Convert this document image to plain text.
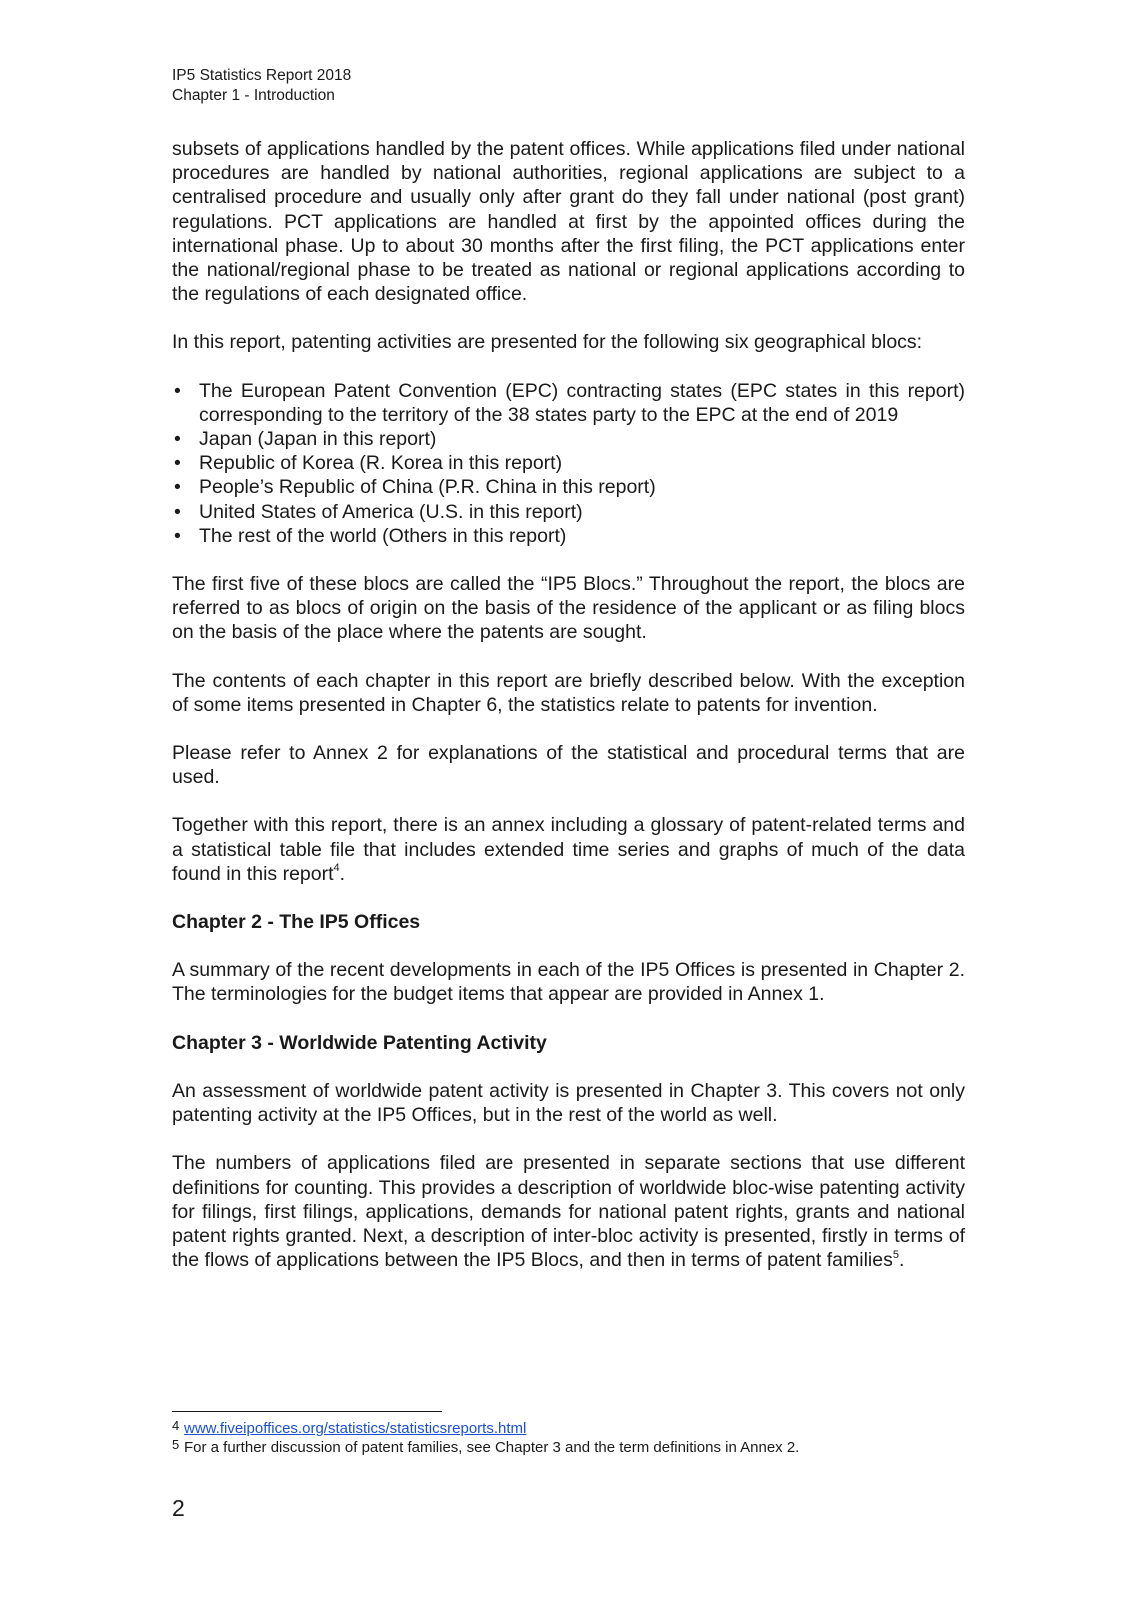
IP5 Statistics Report 2018
Chapter 1 - Introduction

subsets of applications handled by the patent offices. While applications filed under national procedures are handled by national authorities, regional applications are subject to a centralised procedure and usually only after grant do they fall under national (post grant) regulations. PCT applications are handled at first by the appointed offices during the international phase. Up to about 30 months after the first filing, the PCT applications enter the national/regional phase to be treated as national or regional applications according to the regulations of each designated office.

In this report, patenting activities are presented for the following six geographical blocs:

• The European Patent Convention (EPC) contracting states (EPC states in this report) corresponding to the territory of the 38 states party to the EPC at the end of 2019
• Japan (Japan in this report)
• Republic of Korea (R. Korea in this report)
• People’s Republic of China (P.R. China in this report)
• United States of America (U.S. in this report)
• The rest of the world (Others in this report)

The first five of these blocs are called the “IP5 Blocs.” Throughout the report, the blocs are referred to as blocs of origin on the basis of the residence of the applicant or as filing blocs on the basis of the place where the patents are sought.

The contents of each chapter in this report are briefly described below. With the exception of some items presented in Chapter 6, the statistics relate to patents for invention.

Please refer to Annex 2 for explanations of the statistical and procedural terms that are used.

Together with this report, there is an annex including a glossary of patent-related terms and a statistical table file that includes extended time series and graphs of much of the data found in this report$^4$.

Chapter 2 - The IP5 Offices

A summary of the recent developments in each of the IP5 Offices is presented in Chapter 2. The terminologies for the budget items that appear are provided in Annex 1.

Chapter 3 - Worldwide Patenting Activity

An assessment of worldwide patent activity is presented in Chapter 3. This covers not only patenting activity at the IP5 Offices, but in the rest of the world as well.

The numbers of applications filed are presented in separate sections that use different definitions for counting. This provides a description of worldwide bloc-wise patenting activity for filings, first filings, applications, demands for national patent rights, grants and national patent rights granted. Next, a description of inter-bloc activity is presented, firstly in terms of the flows of applications between the IP5 Blocs, and then in terms of patent families$^5$.

4 www.fiveipoffices.org/statistics/statisticsreports.html
5 For a further discussion of patent families, see Chapter 3 and the term definitions in Annex 2.
2
